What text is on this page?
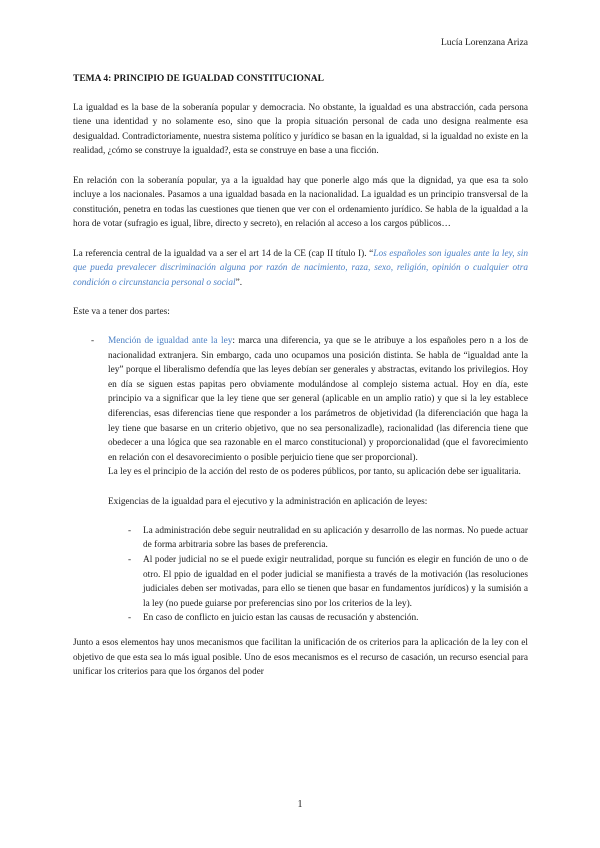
Lucía Lorenzana Ariza
TEMA 4: PRINCIPIO DE IGUALDAD CONSTITUCIONAL

La igualdad es la base de la soberanía popular y democracia. No obstante, la igualdad es una abstracción, cada persona tiene una identidad y no solamente eso, sino que la propia situación personal de cada uno designa realmente esa desigualdad. Contradictoriamente, nuestra sistema político y jurídico se basan en la igualdad, si la igualdad no existe en la realidad, ¿cómo se construye la igualdad?, esta se construye en base a una ficción.

En relación con la soberanía popular, ya a la igualdad hay que ponerle algo más que la dignidad, ya que esa ta solo incluye a los nacionales. Pasamos a una igualdad basada en la nacionalidad. La igualdad es un principio transversal de la constitución, penetra en todas las cuestiones que tienen que ver con el ordenamiento jurídico. Se habla de la igualdad a la hora de votar (sufragio es igual, libre, directo y secreto), en relación al acceso a los cargos públicos…

La referencia central de la igualdad va a ser el art 14 de la CE (cap II título I). “Los españoles son iguales ante la ley, sin que pueda prevalecer discriminación alguna por razón de nacimiento, raza, sexo, religión, opinión o cualquier otra condición o circunstancia personal o social”.

Este va a tener dos partes:

- Mención de igualdad ante la ley: marca una diferencia, ya que se le atribuye a los españoles pero n a los de nacionalidad extranjera. Sin embargo, cada uno ocupamos una posición distinta. Se habla de “igualdad ante la ley” porque el liberalismo defendía que las leyes debían ser generales y abstractas, evitando los privilegios. Hoy en día se siguen estas papitas pero obviamente modulándose al complejo sistema actual. Hoy en día, este principio va a significar que la ley tiene que ser general (aplicable en un amplio ratio) y que si la ley establece diferencias, esas diferencias tiene que responder a los parámetros de objetividad (la diferenciación que haga la ley tiene que basarse en un criterio objetivo, que no sea personalizadle), racionalidad (las diferencia tiene que obedecer a una lógica que sea razonable en el marco constitucional) y proporcionalidad (que el favorecimiento en relación con el desavorecimiento o posible perjuicio tiene que ser proporcional).

La ley es el principio de la acción del resto de os poderes públicos, por tanto, su aplicación debe ser igualitaria.

Exigencias de la igualdad para el ejecutivo y la administración en aplicación de leyes:

- La administración debe seguir neutralidad en su aplicación y desarrollo de las normas. No puede actuar de forma arbitraria sobre las bases de preferencia.
- Al poder judicial no se el puede exigir neutralidad, porque su función es elegir en función de uno o de otro. El ppio de igualdad en el poder judicial se manifiesta a través de la motivación (las resoluciones judiciales deben ser motivadas, para ello se tienen que basar en fundamentos jurídicos) y la sumisión a la ley (no puede guiarse por preferencias sino por los criterios de la ley).
- En caso de conflicto en juicio estan las causas de recusación y abstención.

Junto a esos elementos hay unos mecanismos que facilitan la unificación de os criterios para la aplicación de la ley con el objetivo de que esta sea lo más igual posible. Uno de esos mecanismos es el recurso de casación, un recurso esencial para unificar los criterios para que los órganos del poder

1
